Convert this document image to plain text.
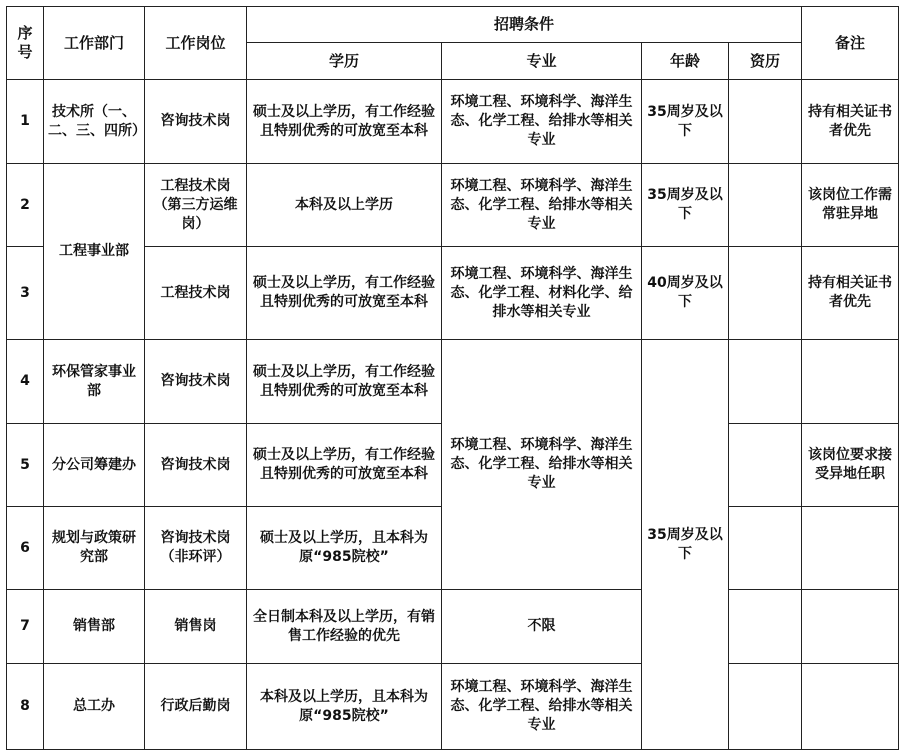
序号	工作部门	工作岗位	招聘条件				备注
			学历	专业	年龄	资历	
1	技术所（一、二、三、四所）	咨询技术岗	硕士及以上学历，有工作经验且特别优秀的可放宽至本科	环境工程、环境科学、海洋生态、化学工程、给排水等相关专业	35周岁及以下		持有相关证书者优先
2	工程事业部	工程技术岗（第三方运维岗）	本科及以上学历	环境工程、环境科学、海洋生态、化学工程、给排水等相关专业	35周岁及以下		该岗位工作需常驻异地
3		工程技术岗	硕士及以上学历，有工作经验且特别优秀的可放宽至本科	环境工程、环境科学、海洋生态、化学工程、材料化学、给排水等相关专业	40周岁及以下		持有相关证书者优先
4	环保管家事业部	咨询技术岗	硕士及以上学历，有工作经验且特别优秀的可放宽至本科	环境工程、环境科学、海洋生态、化学工程、给排水等相关专业	35周岁及以下		
5	分公司筹建办	咨询技术岗	硕士及以上学历，有工作经验且特别优秀的可放宽至本科				该岗位要求接受异地任职
6	规划与政策研究部	咨询技术岗（非环评）	硕士及以上学历，且本科为原“985院校”				
7	销售部	销售岗	全日制本科及以上学历，有销售工作经验的优先	不限			
8	总工办	行政后勤岗	本科及以上学历，且本科为原“985院校”	环境工程、环境科学、海洋生态、化学工程、给排水等相关专业			
